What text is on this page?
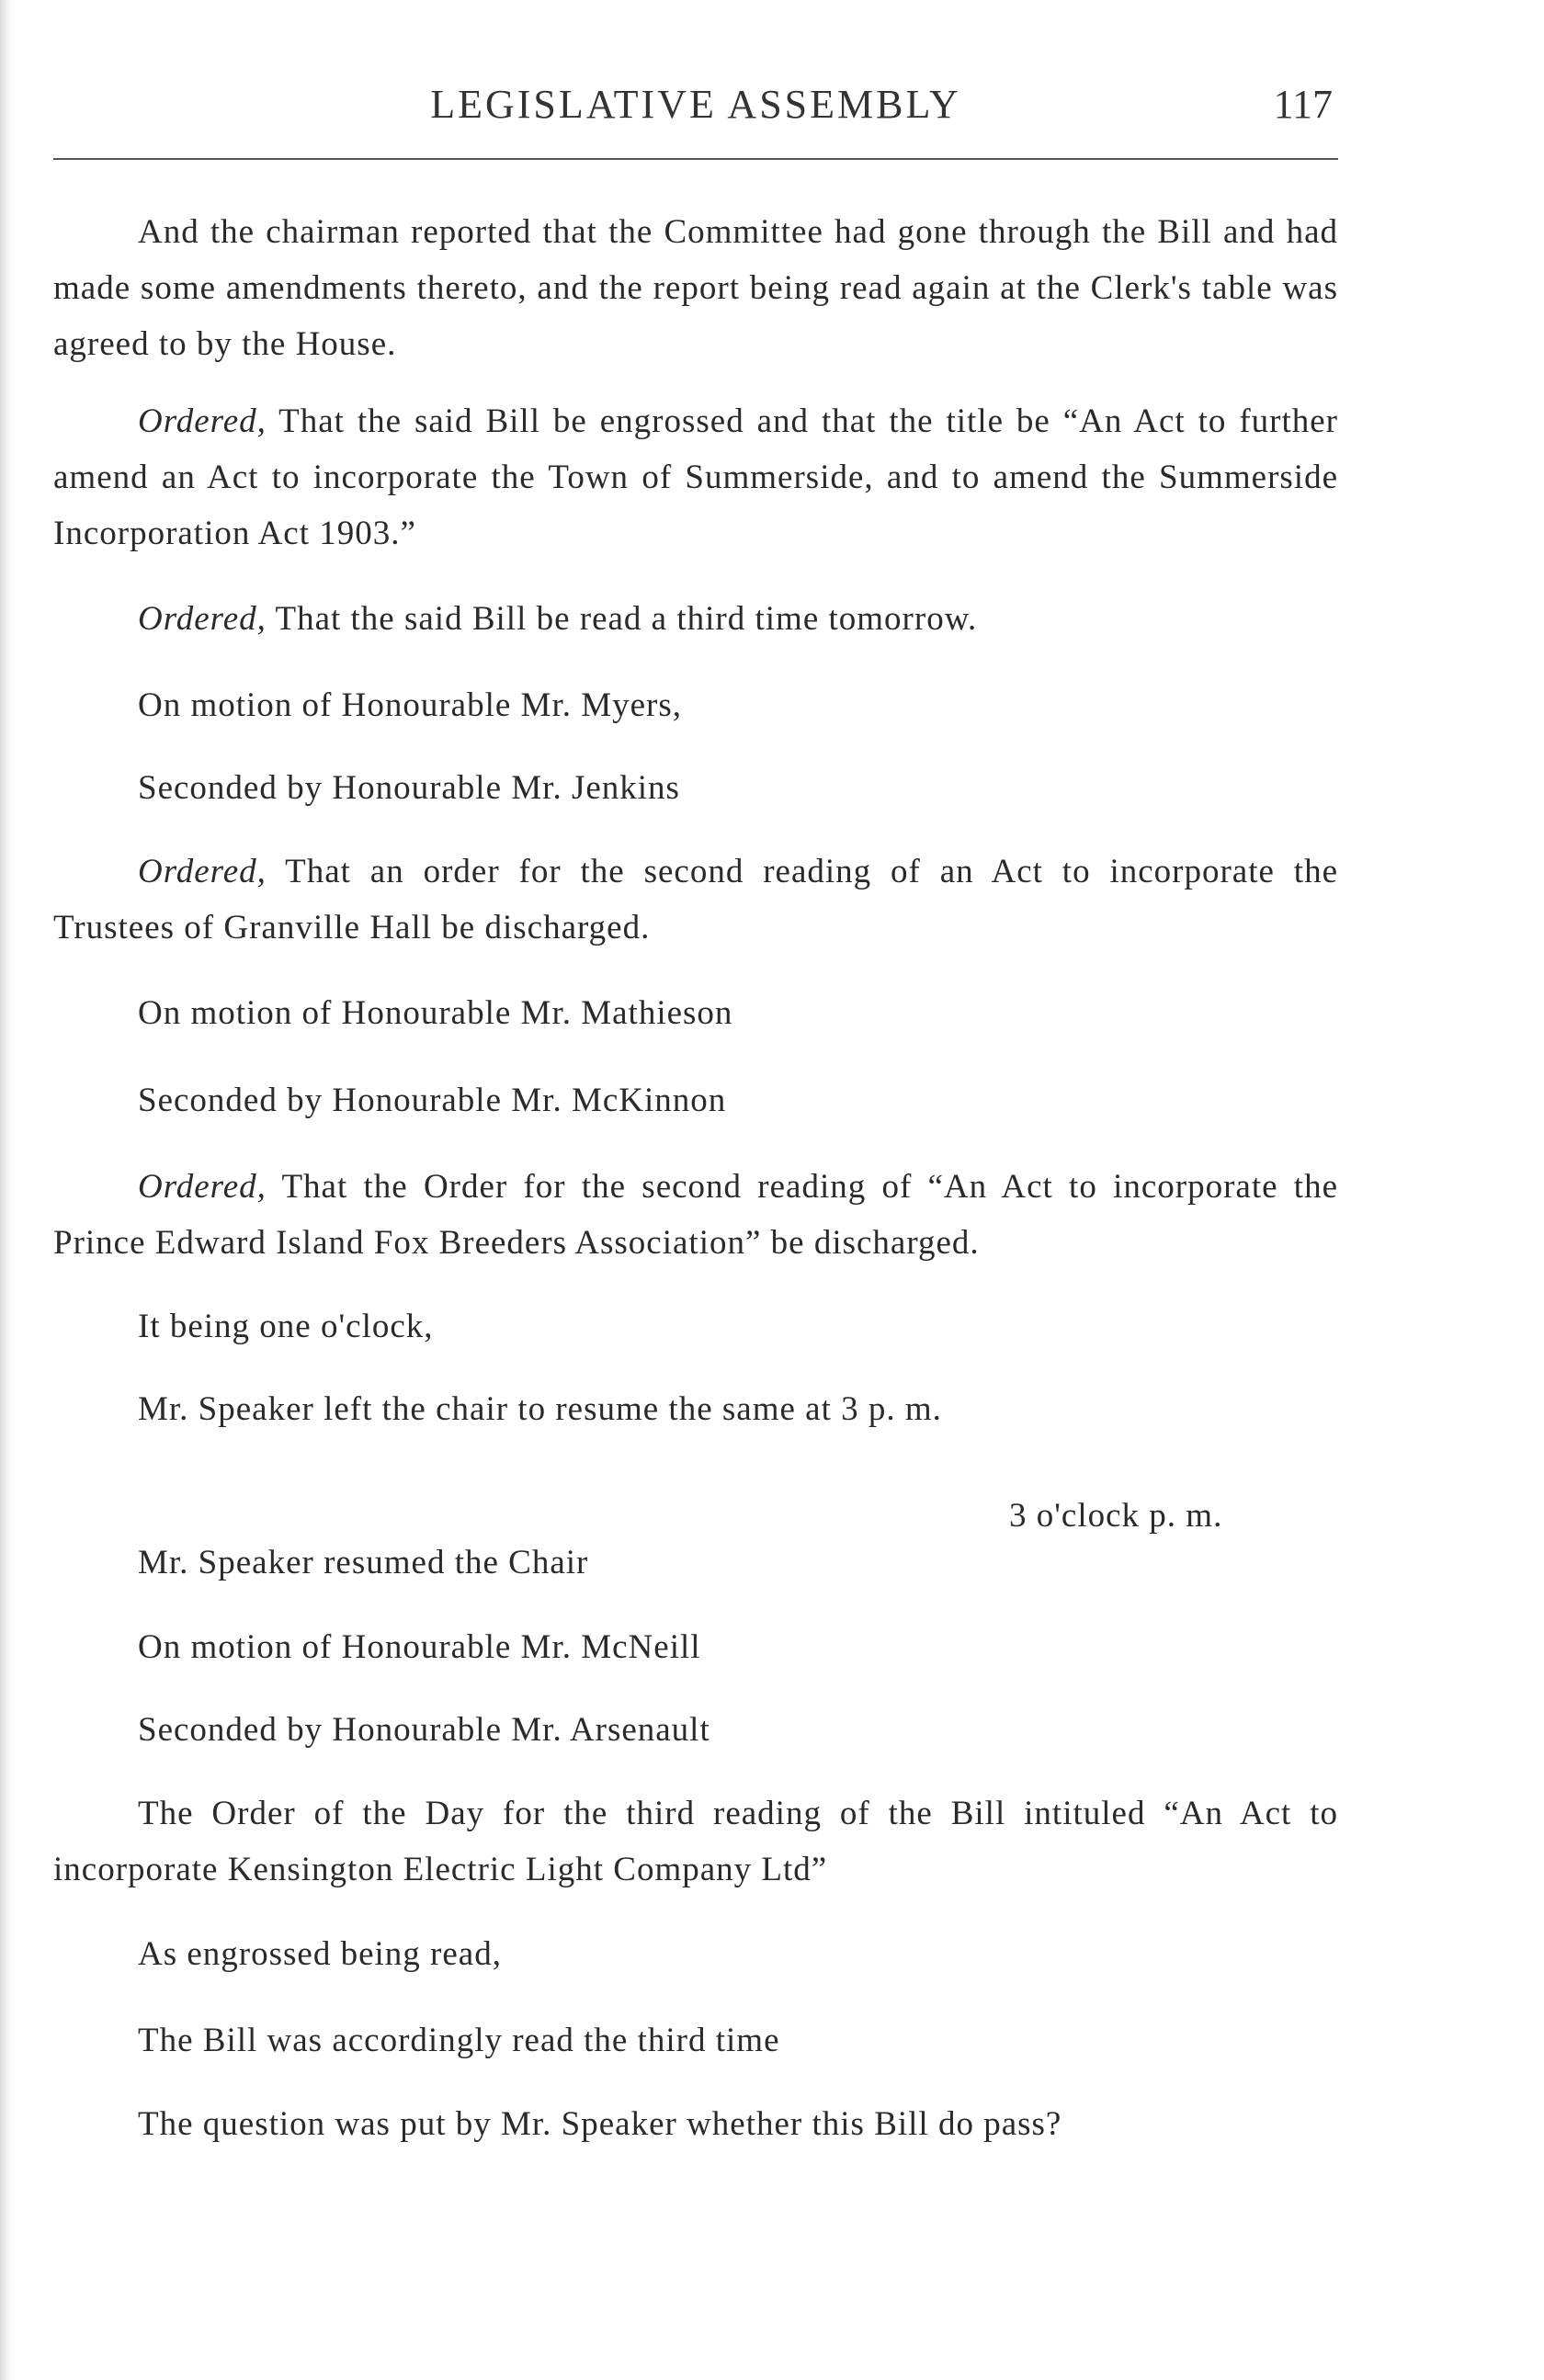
LEGISLATIVE ASSEMBLY	117

And the chairman reported that the Committee had gone through the Bill and had made some amendments thereto, and the report being read again at the Clerk's table was agreed to by the House.

Ordered, That the said Bill be engrossed and that the title be “An Act to further amend an Act to incorporate the Town of Summerside, and to amend the Summerside Incorporation Act 1903.”

Ordered, That the said Bill be read a third time tomorrow.

On motion of Honourable Mr. Myers,

Seconded by Honourable Mr. Jenkins

Ordered, That an order for the second reading of an Act to incorporate the Trustees of Granville Hall be discharged.

On motion of Honourable Mr. Mathieson

Seconded by Honourable Mr. McKinnon

Ordered, That the Order for the second reading of “An Act to incorporate the Prince Edward Island Fox Breeders Association” be discharged.

It being one o'clock,

Mr. Speaker left the chair to resume the same at 3 p. m.

3 o'clock p. m.

Mr. Speaker resumed the Chair

On motion of Honourable Mr. McNeill

Seconded by Honourable Mr. Arsenault

The Order of the Day for the third reading of the Bill intituled “An Act to incorporate Kensington Electric Light Company Ltd”

As engrossed being read,

The Bill was accordingly read the third time

The question was put by Mr. Speaker whether this Bill do pass?
